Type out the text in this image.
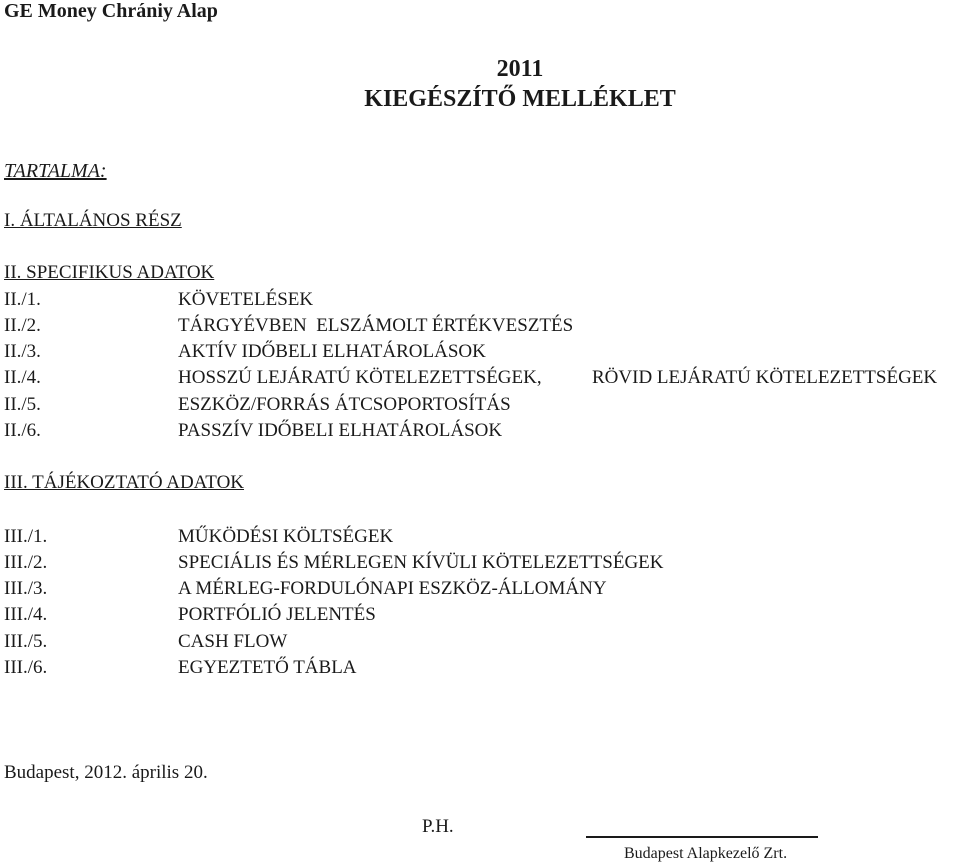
GE Money Chrániy Alap
2011
KIEGÉSZÍTŐ MELLÉKLET
TARTALMA:
I. ÁLTALÁNOS RÉSZ
II. SPECIFIKUS ADATOK
II./1.	KÖVETELÉSEK
II./2.	TÁRGYÉVBEN  ELSZÁMOLT ÉRTÉKVESZTÉS
II./3.	AKTÍV IDŐBELI ELHATÁROLÁSOK
II./4.	HOSSZÚ LEJÁRATÚ KÖTELEZETTSÉGEK,	RÖVID LEJÁRATÚ KÖTELEZETTSÉGEK
II./5.	ESZKÖZ/FORRÁS ÁTCSOPORTOSÍTÁS
II./6.	PASSZÍV IDŐBELI ELHATÁROLÁSOK
III. TÁJÉKOZTATÓ ADATOK
III./1.	MŰKÖDÉSI KÖLTSÉGEK
III./2.	SPECIÁLIS ÉS MÉRLEGEN KÍVÜLI KÖTELEZETTSÉGEK
III./3.	A MÉRLEG-FORDULÓNAPI ESZKÖZ-ÁLLOMÁNY
III./4.	PORTFÓLIÓ JELENTÉS
III./5.	CASH FLOW
III./6.	EGYEZTETŐ TÁBLA
Budapest, 2012. április 20.
P.H.
Budapest Alapkezelő Zrt.
